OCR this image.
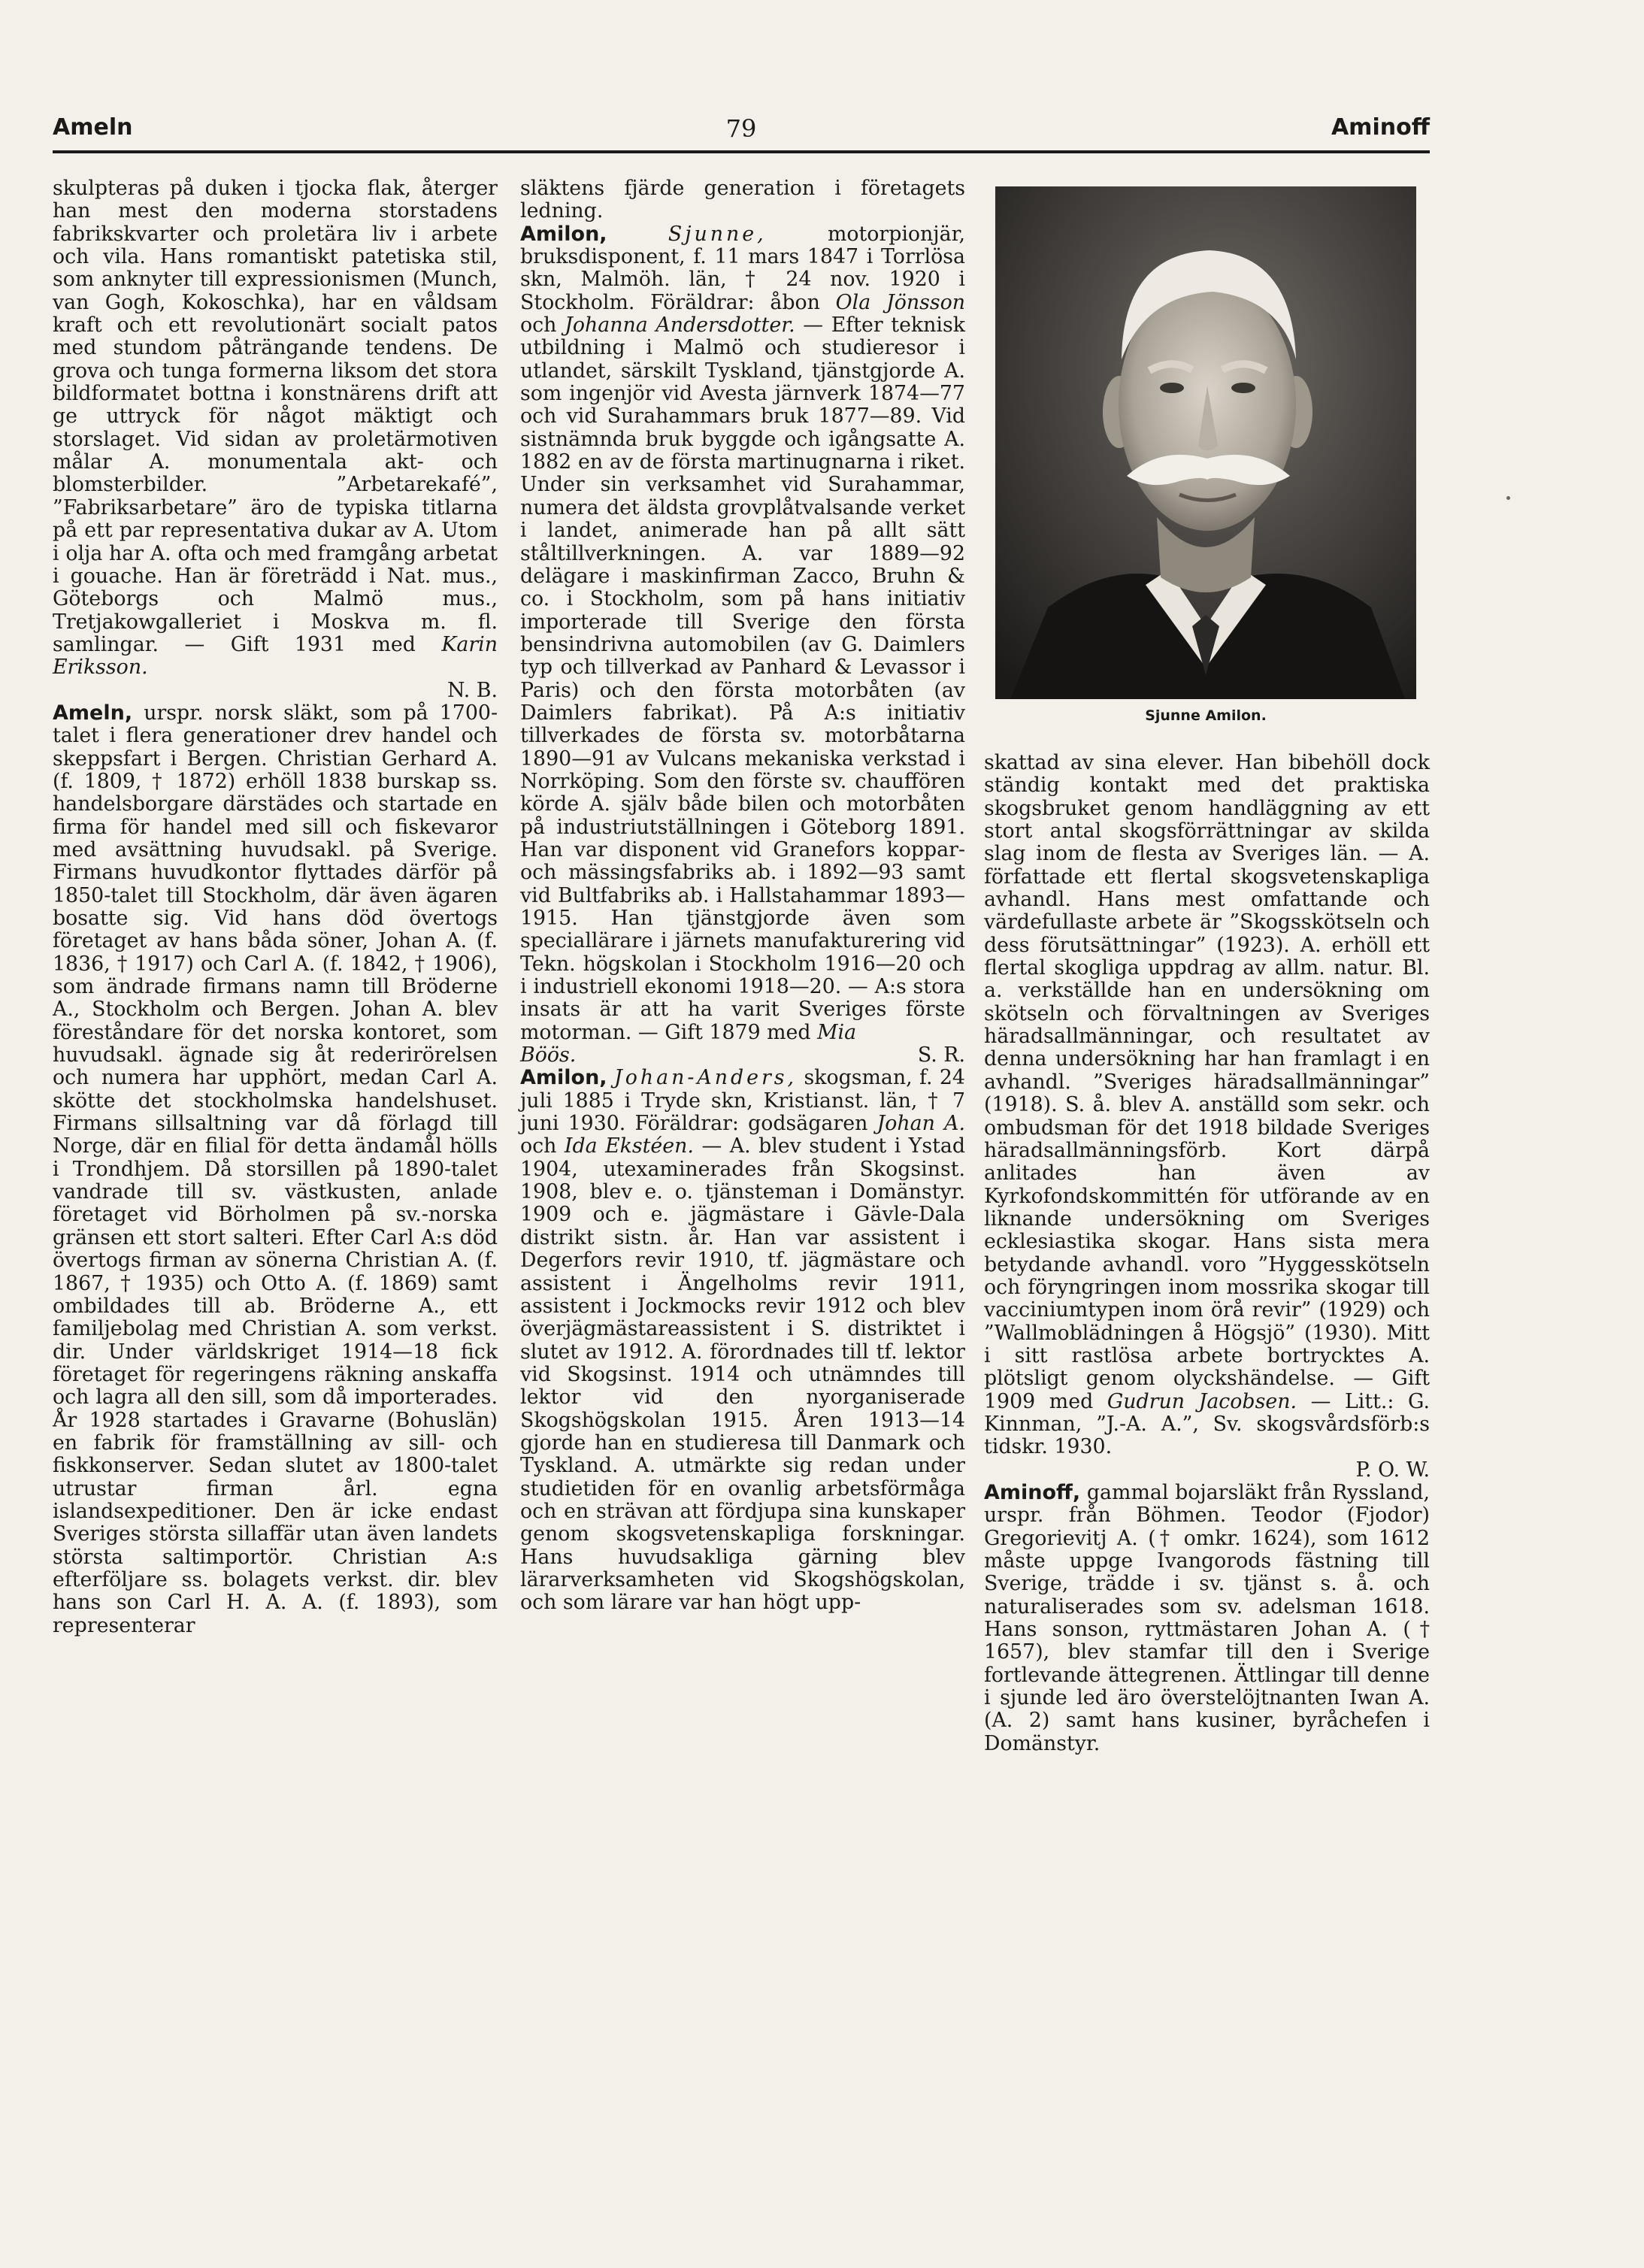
Ameln	79	Aminoff

skulpteras på duken i tjocka flak, återger han mest den moderna storstadens fabrikskvarter och proletära liv i arbete och vila. Hans romantiskt patetiska stil, som anknyter till expressionismen (Munch, van Gogh, Kokoschka), har en våldsam kraft och ett revolutionärt socialt patos med stundom påträngande tendens. De grova och tunga formerna liksom det stora bildformatet bottna i konstnärens drift att ge uttryck för något mäktigt och storslaget. Vid sidan av proletärmotiven målar A. monumentala akt- och blomsterbilder. ”Arbetarekafé”, ”Fabriksarbetare” äro de typiska titlarna på ett par representativa dukar av A. Utom i olja har A. ofta och med framgång arbetat i gouache. Han är företrädd i Nat. mus., Göteborgs och Malmö mus., Tretjakowgalleriet i Moskva m. fl. samlingar. — Gift 1931 med Karin Eriksson.
N. B.

Ameln, urspr. norsk släkt, som på 1700-talet i flera generationer drev handel och skeppsfart i Bergen. Christian Gerhard A. (f. 1809, † 1872) erhöll 1838 burskap ss. handelsborgare därstädes och startade en firma för handel med sill och fiskevaror med avsättning huvudsakl. på Sverige. Firmans huvudkontor flyttades därför på 1850-talet till Stockholm, där även ägaren bosatte sig. Vid hans död övertogs företaget av hans båda söner, Johan A. (f. 1836, † 1917) och Carl A. (f. 1842, † 1906), som ändrade firmans namn till Bröderne A., Stockholm och Bergen. Johan A. blev föreståndare för det norska kontoret, som huvudsakl. ägnade sig åt rederirörelsen och numera har upphört, medan Carl A. skötte det stockholmska handelshuset. Firmans sillsaltning var då förlagd till Norge, där en filial för detta ändamål hölls i Trondhjem. Då storsillen på 1890-talet vandrade till sv. västkusten, anlade företaget vid Börholmen på sv.-norska gränsen ett stort salteri. Efter Carl A:s död övertogs firman av sönerna Christian A. (f. 1867, † 1935) och Otto A. (f. 1869) samt ombildades till ab. Bröderne A., ett familjebolag med Christian A. som verkst. dir. Under världskriget 1914—18 fick företaget för regeringens räkning anskaffa och lagra all den sill, som då importerades. År 1928 startades i Gravarne (Bohuslän) en fabrik för framställning av sill- och fiskkonserver. Sedan slutet av 1800-talet utrustar firman årl. egna islandsexpeditioner. Den är icke endast Sveriges största sillaffär utan även landets största saltimportör. Christian A:s efterföljare ss. bolagets verkst. dir. blev hans son Carl H. A. A. (f. 1893), som representerar

släktens fjärde generation i företagets ledning.

Amilon,	Sjunne,	motorpionjär, bruksdisponent, f. 11 mars 1847 i Torrlösa skn, Malmöh. län, † 24 nov. 1920 i Stockholm. Föräldrar: åbon Ola Jönsson och Johanna Andersdotter. — Efter teknisk utbildning i Malmö och studieresor i utlandet, särskilt Tyskland, tjänstgjorde A. som ingenjör vid Avesta järnverk 1874—77 och vid Surahammars bruk 1877—89. Vid sistnämnda bruk byggde och igångsatte A. 1882 en av de första martinugnarna i riket. Under sin verksamhet vid Surahammar, numera det äldsta grovplåtvalsande verket i landet, animerade han på allt sätt ståltillverkningen. A. var 1889—92 delägare i maskinfirman Zacco, Bruhn & co. i Stockholm, som på hans initiativ importerade till Sverige den första bensindrivna automobilen (av G. Daimlers typ och tillverkad av Panhard & Levassor i Paris) och den första motorbåten (av Daimlers fabrikat). På A:s initiativ tillverkades de första sv. motorbåtarna 1890—91 av Vulcans mekaniska verkstad i Norrköping. Som den förste sv. chauffören körde A. själv både bilen och motorbåten på industriutställningen i Göteborg 1891. Han var disponent vid Granefors koppar- och mässingsfabriks ab. i 1892—93 samt vid Bultfabriks ab. i Hallstahammar 1893—1915. Han tjänstgjorde även som speciallärare i järnets manufakturering vid Tekn. högskolan i Stockholm 1916—20 och i industriell ekonomi 1918—20. — A:s stora insats är att ha varit Sveriges förste motorman. — Gift 1879 med Mia
Böös.	S. R.

Amilon, Johan-Anders, skogsman, f. 24 juli 1885 i Tryde skn, Kristianst. län, † 7 juni 1930. Föräldrar: godsägaren Johan A. och Ida Ekstéen. — A. blev student i Ystad 1904, utexaminerades från Skogsinst. 1908, blev e. o. tjänsteman i Domänstyr. 1909 och e. jägmästare i Gävle-Dala distrikt sistn. år. Han var assistent i Degerfors revir 1910, tf. jägmästare och assistent i Ängelholms revir 1911, assistent i Jockmocks revir 1912 och blev överjägmästareassistent i S. distriktet i slutet av 1912. A. förordnades till tf. lektor vid Skogsinst. 1914 och utnämndes till lektor vid den nyorganiserade Skogshögskolan 1915. Åren 1913—14 gjorde han en studieresa till Danmark och Tyskland. A. utmärkte sig redan under studietiden för en ovanlig arbetsförmåga och en strävan att fördjupa sina kunskaper genom skogsvetenskapliga forskningar. Hans huvudsakliga gärning blev lärarverksamheten vid Skogshögskolan, och som lärare var han högt upp-

Sjunne Amilon.

skattad av sina elever. Han bibehöll dock ständig kontakt med det praktiska skogsbruket genom handläggning av ett stort antal skogsförrättningar av skilda slag inom de flesta av Sveriges län. — A. författade ett flertal skogsvetenskapliga avhandl. Hans mest omfattande och värdefullaste arbete är ”Skogsskötseln och dess förutsättningar” (1923). A. erhöll ett flertal skogliga uppdrag av allm. natur. Bl. a. verkställde han en undersökning om skötseln och förvaltningen av Sveriges häradsallmänningar, och resultatet av denna undersökning har han framlagt i en avhandl. ”Sveriges häradsallmänningar” (1918). S. å. blev A. anställd som sekr. och ombudsman för det 1918 bildade Sveriges häradsallmänningsförb. Kort därpå anlitades han även av Kyrkofondskommittén för utförande av en liknande undersökning om Sveriges ecklesiastika skogar. Hans sista mera betydande avhandl. voro ”Hyggesskötseln och föryngringen inom mossrika skogar till vacciniumtypen inom örå revir” (1929) och ”Wallmoblädningen å Högsjö” (1930). Mitt i sitt rastlösa arbete bortrycktes A. plötsligt genom olyckshändelse. — Gift 1909 med Gudrun Jacobsen. — Litt.: G. Kinnman, ”J.-A. A.”, Sv. skogsvårdsförb:s tidskr. 1930.
P. O. W.

Aminoff, gammal bojarsläkt från Ryssland, urspr. från Böhmen. Teodor (Fjodor) Gregorievitj A. († omkr. 1624), som 1612 måste uppge Ivangorods fästning till Sverige, trädde i sv. tjänst s. å. och naturaliserades som sv. adelsman 1618. Hans sonson, ryttmästaren Johan A. († 1657), blev stamfar till den i Sverige fortlevande ättegrenen. Ättlingar till denne i sjunde led äro överstelöjtnanten Iwan A. (A. 2) samt hans kusiner, byråchefen i Domänstyr.
